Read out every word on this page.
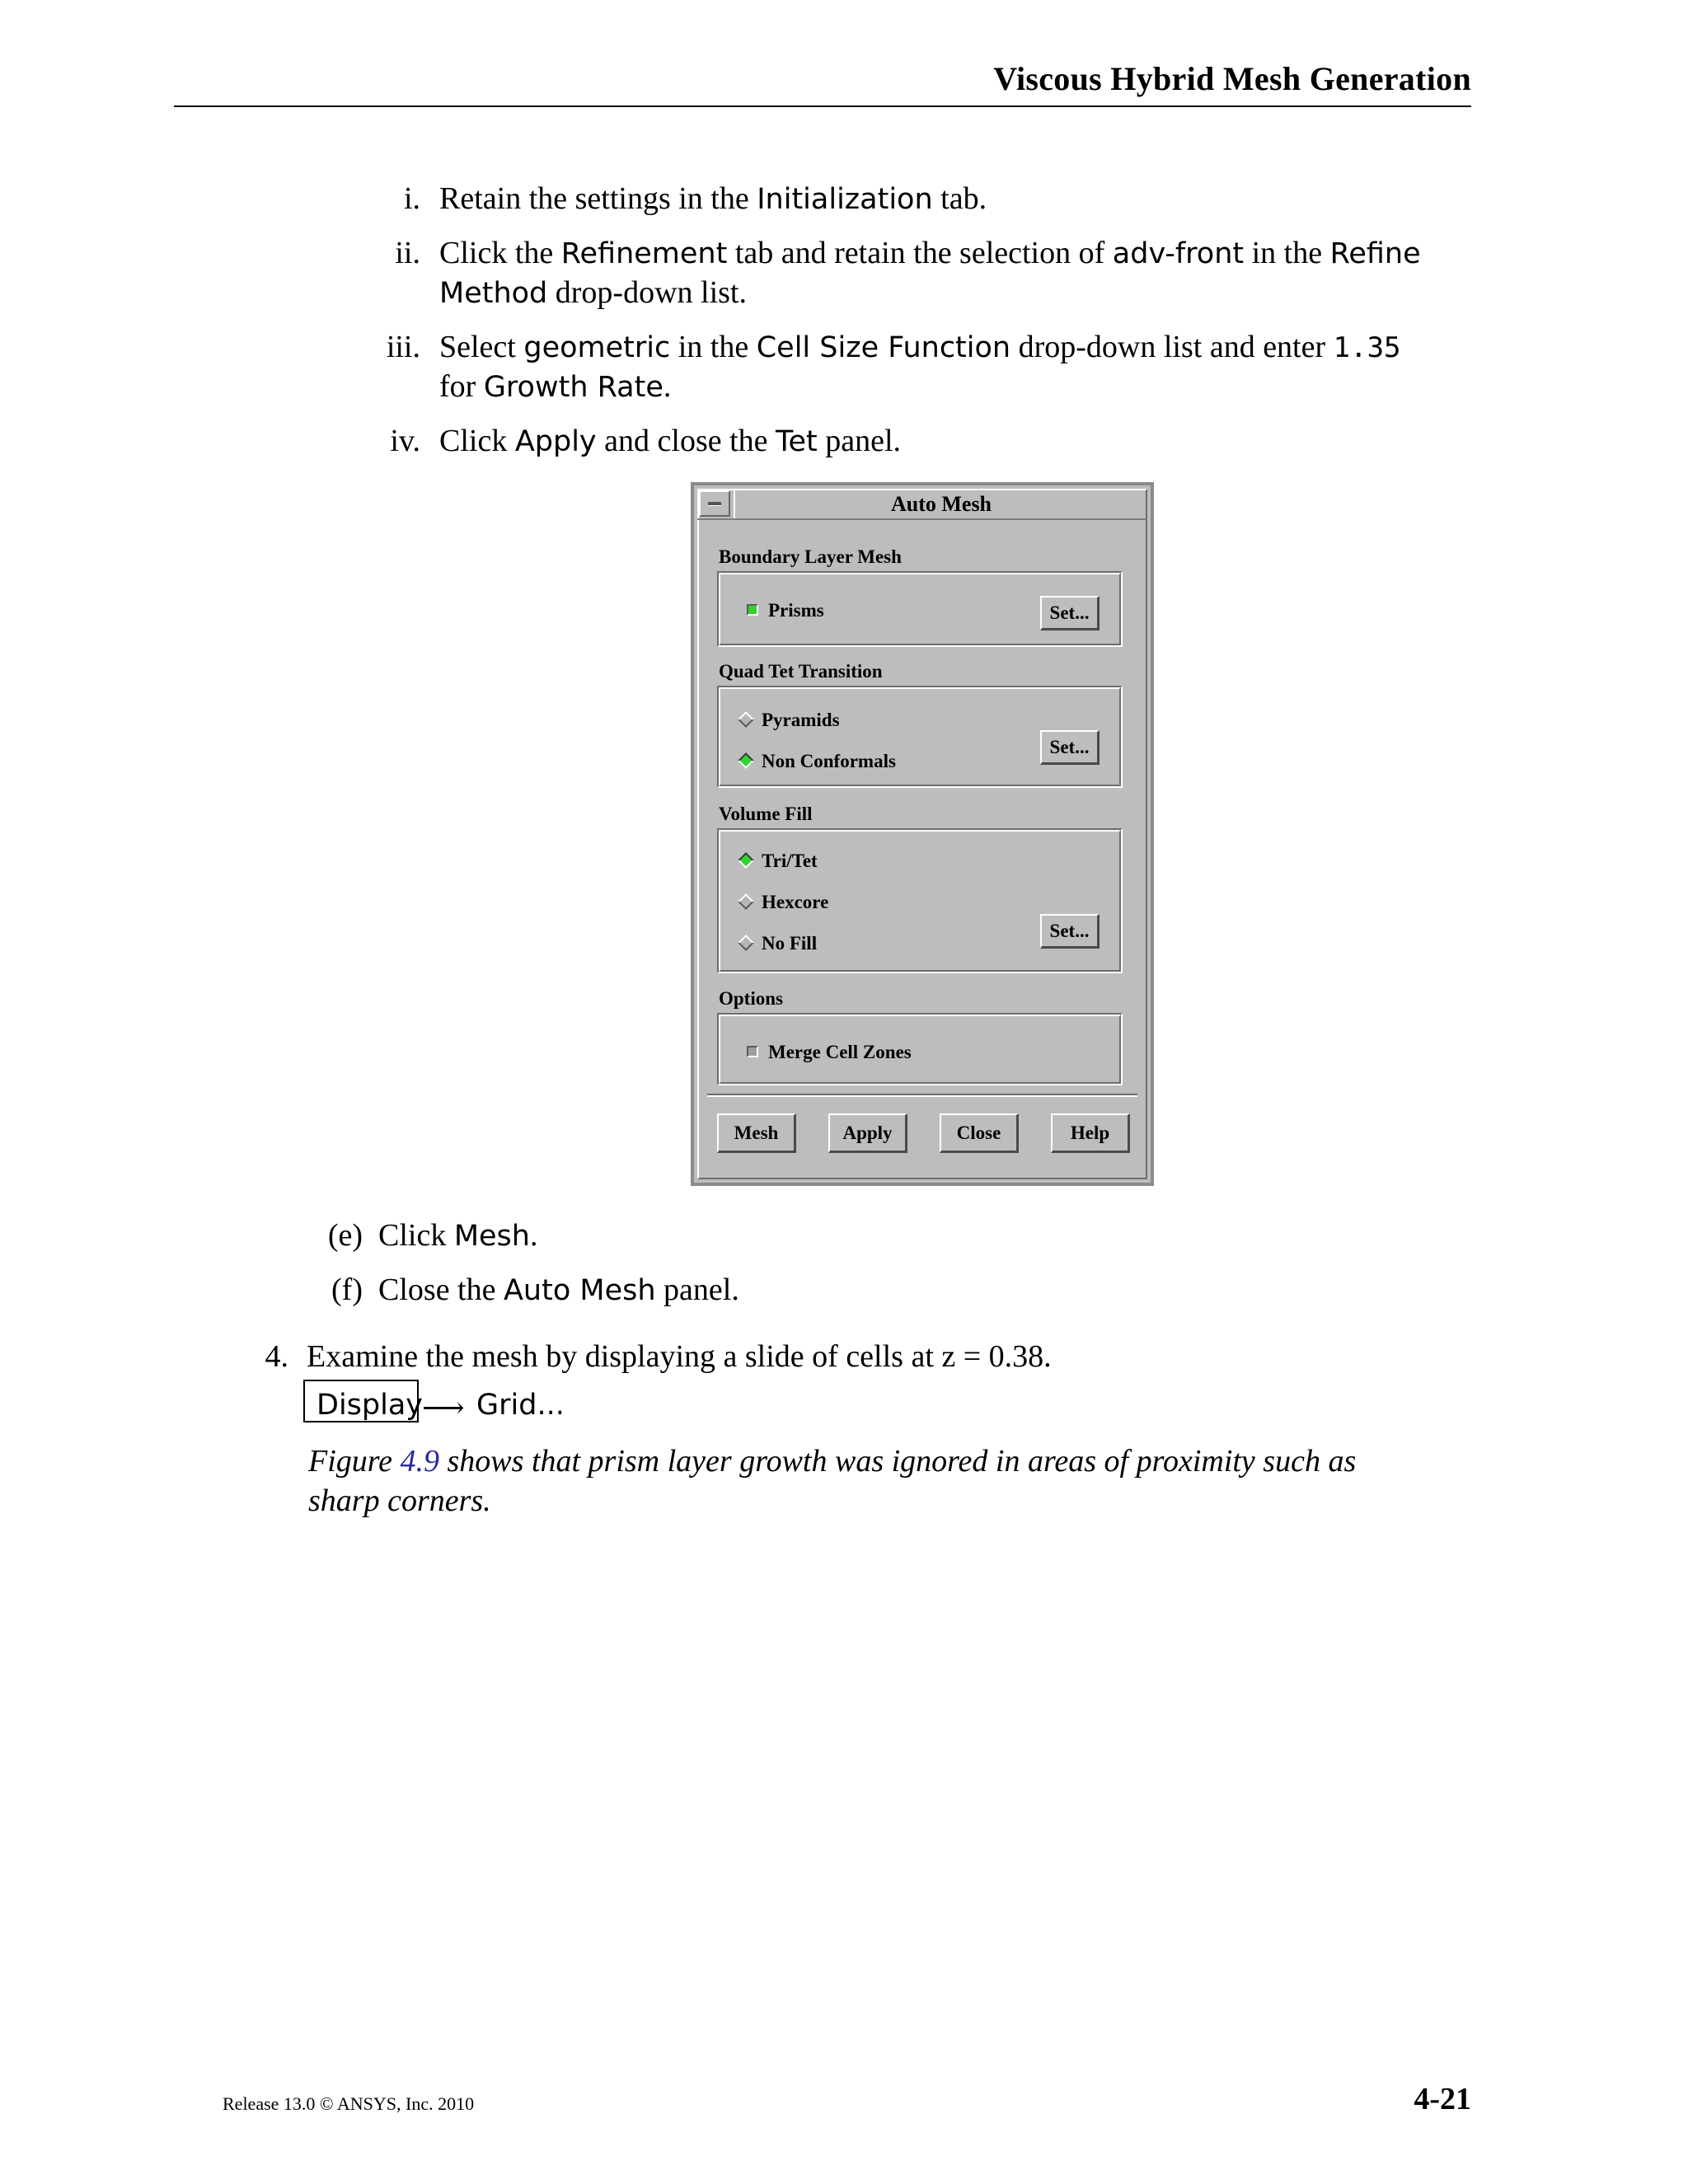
Viscous Hybrid Mesh Generation
i. Retain the settings in the Initialization tab.
ii. Click the Refinement tab and retain the selection of adv-front in the Refine
Method drop-down list.
iii. Select geometric in the Cell Size Function drop-down list and enter 1.35
for Growth Rate.
iv. Click Apply and close the Tet panel.
Auto Mesh
Boundary Layer Mesh
Prisms	Set...
Quad Tet Transition
Pyramids
Non Conformals
Set...
Volume Fill
Tri/Tet
Hexcore
No Fill
Set...
Options
Merge Cell Zones
Mesh	Apply	Close	Help
(e) Click Mesh.
(f) Close the Auto Mesh panel.
4. Examine the mesh by displaying a slide of cells at z = 0.38.
Display
⟶ Grid...
Figure 4.9 shows that prism layer growth was ignored in areas of proximity such as
sharp corners.
Release 13.0 © ANSYS, Inc. 2010	4-21
